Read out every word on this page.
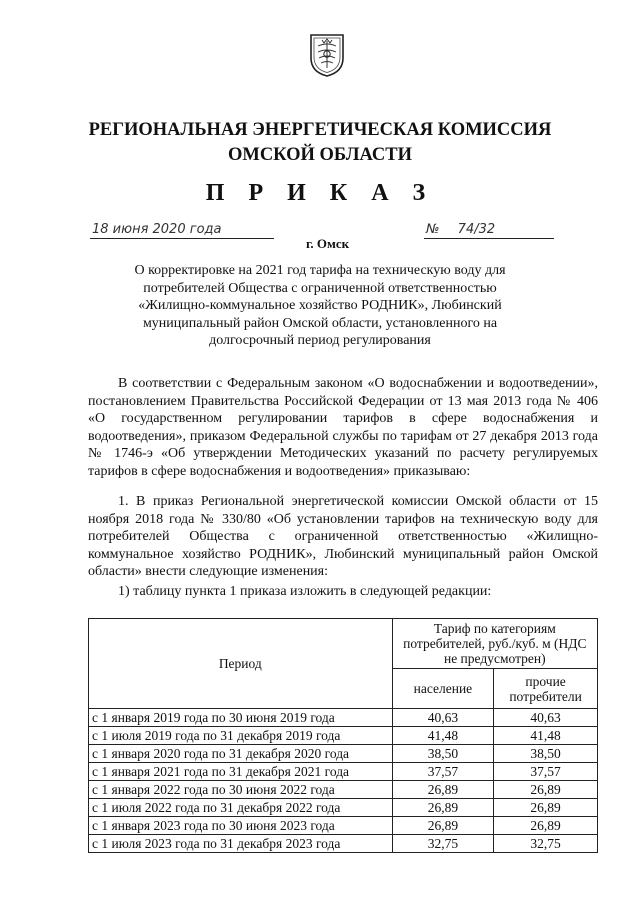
РЕГИОНАЛЬНАЯ ЭНЕРГЕТИЧЕСКАЯ КОМИССИЯ
ОМСКОЙ ОБЛАСТИ
П Р И К А З
18 июня 2020 года	№ 74/32
г. Омск
О корректировке на 2021 год тарифа на техническую воду для потребителей Общества с ограниченной ответственностью «Жилищно-коммунальное хозяйство РОДНИК», Любинский муниципальный район Омской области, установленного на долгосрочный период регулирования
В соответствии с Федеральным законом «О водоснабжении и водоотведении», постановлением Правительства Российской Федерации от 13 мая 2013 года № 406 «О государственном регулировании тарифов в сфере водоснабжения и водоотведения», приказом Федеральной службы по тарифам от 27 декабря 2013 года № 1746-э «Об утверждении Методических указаний по расчету регулируемых тарифов в сфере водоснабжения и водоотведения» приказываю:
1. В приказ Региональной энергетической комиссии Омской области от 15 ноября 2018 года № 330/80 «Об установлении тарифов на техническую воду для потребителей Общества с ограниченной ответственностью «Жилищно-коммунальное хозяйство РОДНИК», Любинский муниципальный район Омской области» внести следующие изменения:
1) таблицу пункта 1 приказа изложить в следующей редакции:
Период	Тариф по категориям потребителей, руб./куб. м (НДС не предусмотрен)	
	население	прочие потребители
с 1 января 2019 года по 30 июня 2019 года	40,63	40,63
с 1 июля 2019 года по 31 декабря 2019 года	41,48	41,48
с 1 января 2020 года по 31 декабря 2020 года	38,50	38,50
с 1 января 2021 года по 31 декабря 2021 года	37,57	37,57
с 1 января 2022 года по 30 июня 2022 года	26,89	26,89
с 1 июля 2022 года по 31 декабря 2022 года	26,89	26,89
с 1 января 2023 года по 30 июня 2023 года	26,89	26,89
с 1 июля 2023 года по 31 декабря 2023 года	32,75	32,75
